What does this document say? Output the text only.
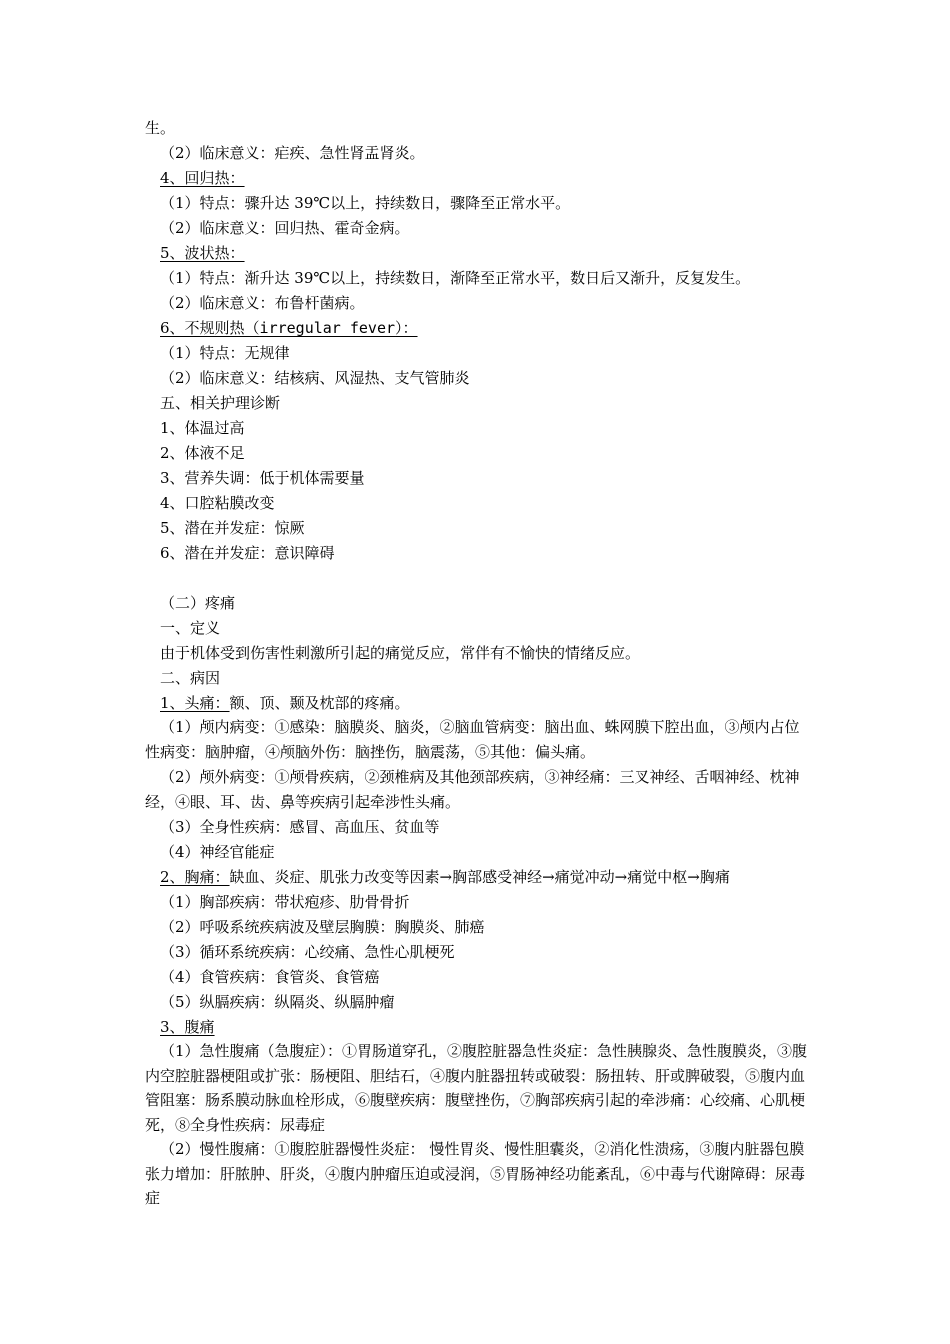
生。
（2）临床意义：疟疾、急性肾盂肾炎。
4、回归热：
（1）特点：骤升达 39℃以上，持续数日，骤降至正常水平。
（2）临床意义：回归热、霍奇金病。
5、波状热：
（1）特点：渐升达 39℃以上，持续数日，渐降至正常水平，数日后又渐升，反复发生。
（2）临床意义：布鲁杆菌病。
6、不规则热（irregular fever）：
（1）特点：无规律
（2）临床意义：结核病、风湿热、支气管肺炎
五、相关护理诊断
1、体温过高
2、体液不足
3、营养失调：低于机体需要量
4、口腔粘膜改变
5、潜在并发症：惊厥
6、潜在并发症：意识障碍
（二）疼痛
一、定义
由于机体受到伤害性刺激所引起的痛觉反应，常伴有不愉快的情绪反应。
二、病因
1、头痛：额、顶、颞及枕部的疼痛。
（1）颅内病变：①感染：脑膜炎、脑炎，②脑血管病变：脑出血、蛛网膜下腔出血，③颅内占位性病变：脑肿瘤，④颅脑外伤：脑挫伤，脑震荡，⑤其他：偏头痛。
（2）颅外病变：①颅骨疾病，②颈椎病及其他颈部疾病，③神经痛：三叉神经、舌咽神经、枕神经，④眼、耳、齿、鼻等疾病引起牵涉性头痛。
（3）全身性疾病：感冒、高血压、贫血等
（4）神经官能症
2、胸痛：缺血、炎症、肌张力改变等因素→胸部感受神经→痛觉冲动→痛觉中枢→胸痛
（1）胸部疾病：带状疱疹、肋骨骨折
（2）呼吸系统疾病波及壁层胸膜：胸膜炎、肺癌
（3）循环系统疾病：心绞痛、急性心肌梗死
（4）食管疾病：食管炎、食管癌
（5）纵膈疾病：纵隔炎、纵膈肿瘤
3、腹痛
（1）急性腹痛（急腹症）：①胃肠道穿孔，②腹腔脏器急性炎症：急性胰腺炎、急性腹膜炎，③腹内空腔脏器梗阻或扩张：肠梗阻、胆结石，④腹内脏器扭转或破裂：肠扭转、肝或脾破裂，⑤腹内血管阻塞：肠系膜动脉血栓形成，⑥腹壁疾病：腹壁挫伤，⑦胸部疾病引起的牵涉痛：心绞痛、心肌梗死，⑧全身性疾病：尿毒症
（2）慢性腹痛：①腹腔脏器慢性炎症： 慢性胃炎、慢性胆囊炎，②消化性溃疡，③腹内脏器包膜张力增加：肝脓肿、肝炎，④腹内肿瘤压迫或浸润，⑤胃肠神经功能紊乱，⑥中毒与代谢障碍：尿毒症
